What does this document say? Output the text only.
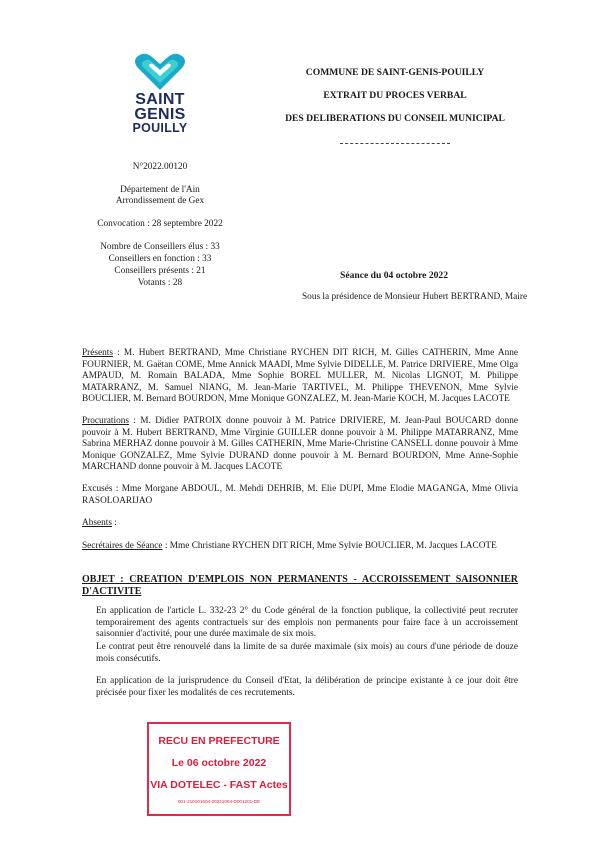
SAINT
GENIS
POUILLY
COMMUNE DE SAINT-GENIS-POUILLY
EXTRAIT DU PROCES VERBAL
DES DELIBERATIONS DU CONSEIL MUNICIPAL
N°2022.00120
Département de l'Ain
Arrondissement de Gex
Convocation : 28 septembre 2022
Nombre de Conseillers élus : 33
Conseillers en fonction : 33
Conseillers présents : 21
Votants : 28
Séance du 04 octobre 2022
Sous la présidence de Monsieur Hubert BERTRAND, Maire
Présents : M. Hubert BERTRAND, Mme Christiane RYCHEN DIT RICH, M. Gilles CATHERIN, Mme Anne FOURNIER, M. Gaëtan COME, Mme Annick MAADI, Mme Sylvie DIDELLE, M. Patrice DRIVIERE, Mme Olga AMPAUD, M. Romain BALADA, Mme Sophie BOREL MULLER, M. Nicolas LIGNOT, M. Philippe MATARRANZ, M. Samuel NIANG, M. Jean-Marie TARTIVEL, M. Philippe THEVENON, Mme Sylvie BOUCLIER, M. Bernard BOURDON, Mme Monique GONZALEZ, M. Jean-Marie KOCH, M. Jacques LACOTE
Procurations : M. Didier PATROIX donne pouvoir à M. Patrice DRIVIERE, M. Jean-Paul BOUCARD donne pouvoir à M. Hubert BERTRAND, Mme Virginie GUILLER donne pouvoir à M. Philippe MATARRANZ, Mme Sabrina MERHAZ donne pouvoir à M. Gilles CATHERIN, Mme Marie-Christine CANSELL donne pouvoir à Mme Monique GONZALEZ, Mme Sylvie DURAND donne pouvoir à M. Bernard BOURDON, Mme Anne-Sophie MARCHAND donne pouvoir à M. Jacques LACOTE
Excusés : Mme Morgane ABDOUL, M. Mehdi DEHRIB, M. Elie DUPI, Mme Elodie MAGANGA, Mme Olivia RASOLOARIJAO
Absents :
Secrétaires de Séance : Mme Christiane RYCHEN DIT RICH, Mme Sylvie BOUCLIER, M. Jacques LACOTE
OBJET : CREATION D'EMPLOIS NON PERMANENTS - ACCROISSEMENT SAISONNIER D'ACTIVITE
En application de l'article L. 332-23 2° du Code général de la fonction publique, la collectivité peut recruter temporairement des agents contractuels sur des emplois non permanents pour faire face à un accroissement saisonnier d'activité, pour une durée maximale de six mois.
Le contrat peut être renouvelé dans la limite de sa durée maximale (six mois) au cours d'une période de douze mois consécutifs.
En application de la jurisprudence du Conseil d'Etat, la délibération de principe existante à ce jour doit être précisée pour fixer les modalités de ces recrutements.
RECU EN PREFECTURE
Le 06 octobre 2022
VIA DOTELEC - FAST Actes
001-210101604-20221004-D001201-DE
